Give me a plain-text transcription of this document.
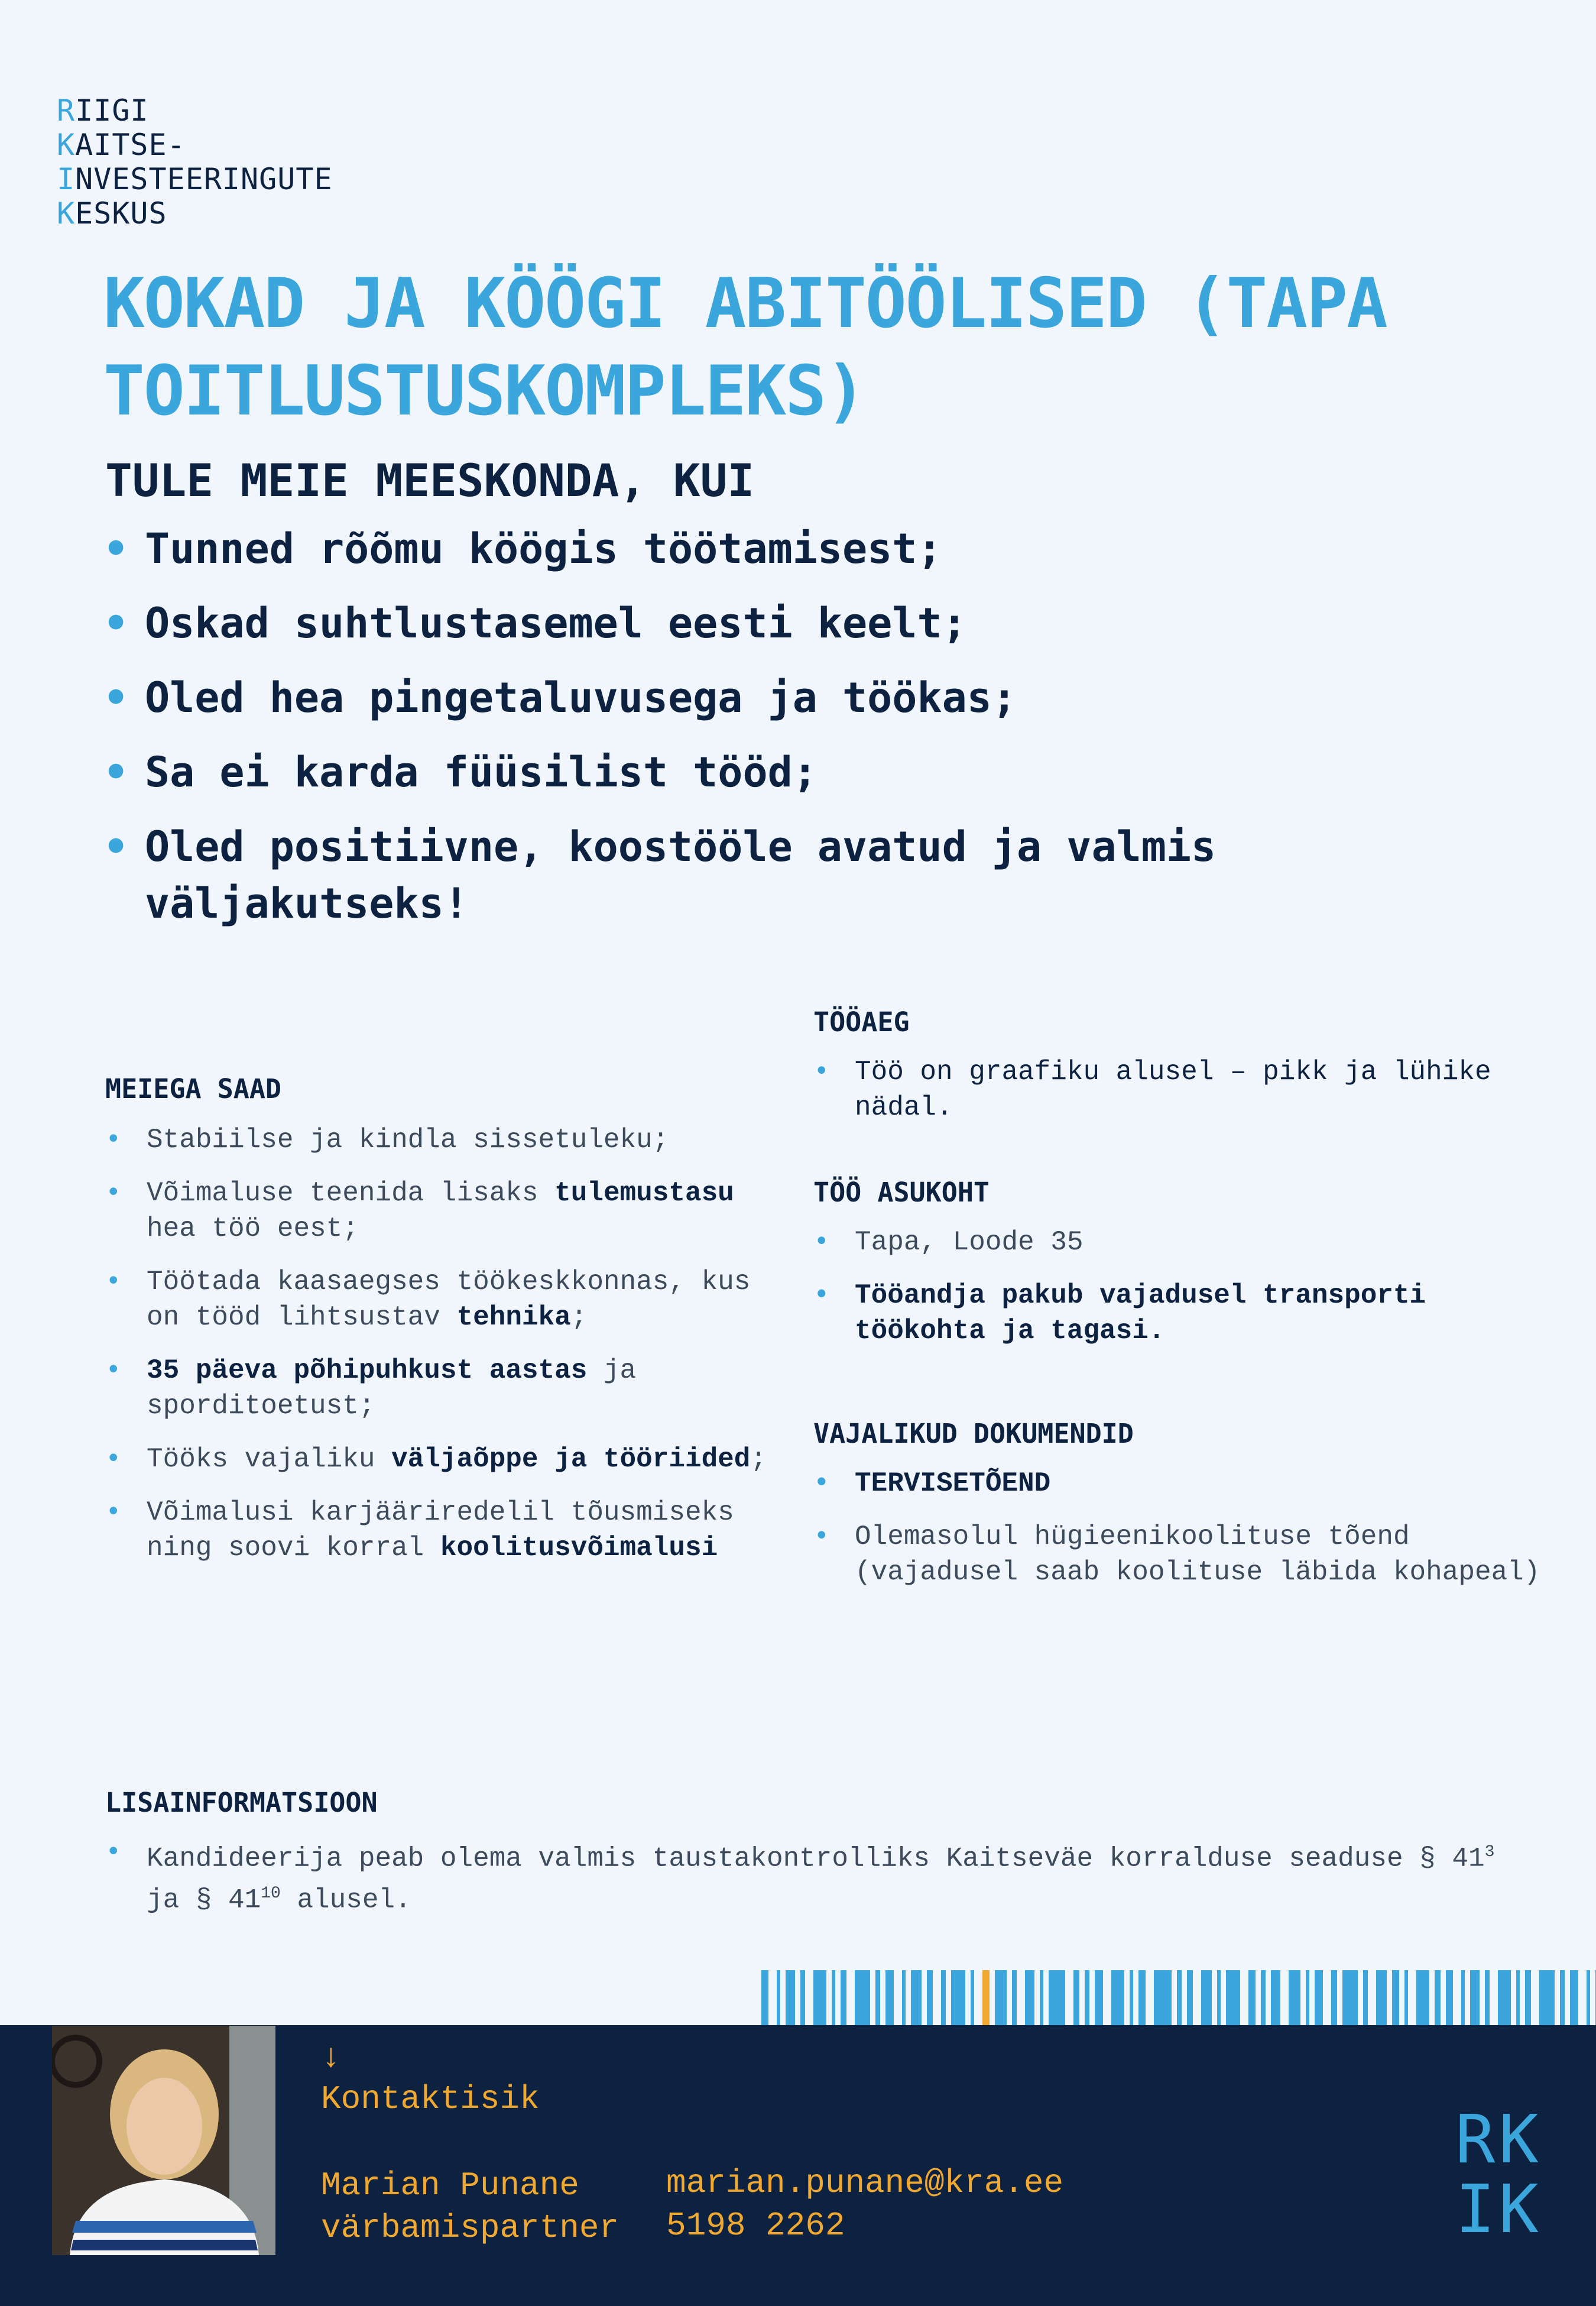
RIIGI
KAITSE-
INVESTEERINGUTE
KESKUS
KOKAD JA KÖÖGI ABITÖÖLISED (TAPA TOITLUSTUSKOMPLEKS)
TULE MEIE MEESKONDA, KUI
• Tunned rõõmu köögis töötamisest;
• Oskad suhtlustasemel eesti keelt;
• Oled hea pingetaluvusega ja töökas;
• Sa ei karda füüsilist tööd;
• Oled positiivne, koostööle avatud ja valmis väljakutseks!
MEIEGA SAAD
• Stabiilse ja kindla sissetuleku;
• Võimaluse teenida lisaks tulemustasu hea töö eest;
• Töötada kaasaegses töökeskkonnas, kus on tööd lihtsustav tehnika;
• 35 päeva põhipuhkust aastas ja sporditoetust;
• Tööks vajaliku väljaõppe ja tööriided;
• Võimalusi karjääriredelil tõusmiseks ning soovi korral koolitusvõimalusi
TÖÖAEG
• Töö on graafiku alusel – pikk ja lühike nädal.
TÖÖ ASUKOHT
• Tapa, Loode 35
• Tööandja pakub vajadusel transporti töökohta ja tagasi.
VAJALIKUD DOKUMENDID
• TERVISETÕEND
• Olemasolul hügieenikoolituse tõend (vajadusel saab koolituse läbida kohapeal)
LISAINFORMATSIOON
• Kandideerija peab olema valmis taustakontrolliks Kaitseväe korralduse seaduse § $41^3$ ja § $41^{10}$ alusel.
↓
Kontaktisik
Marian Punane
värbamispartner
marian.punane@kra.ee
5198 2262
RK
IK
